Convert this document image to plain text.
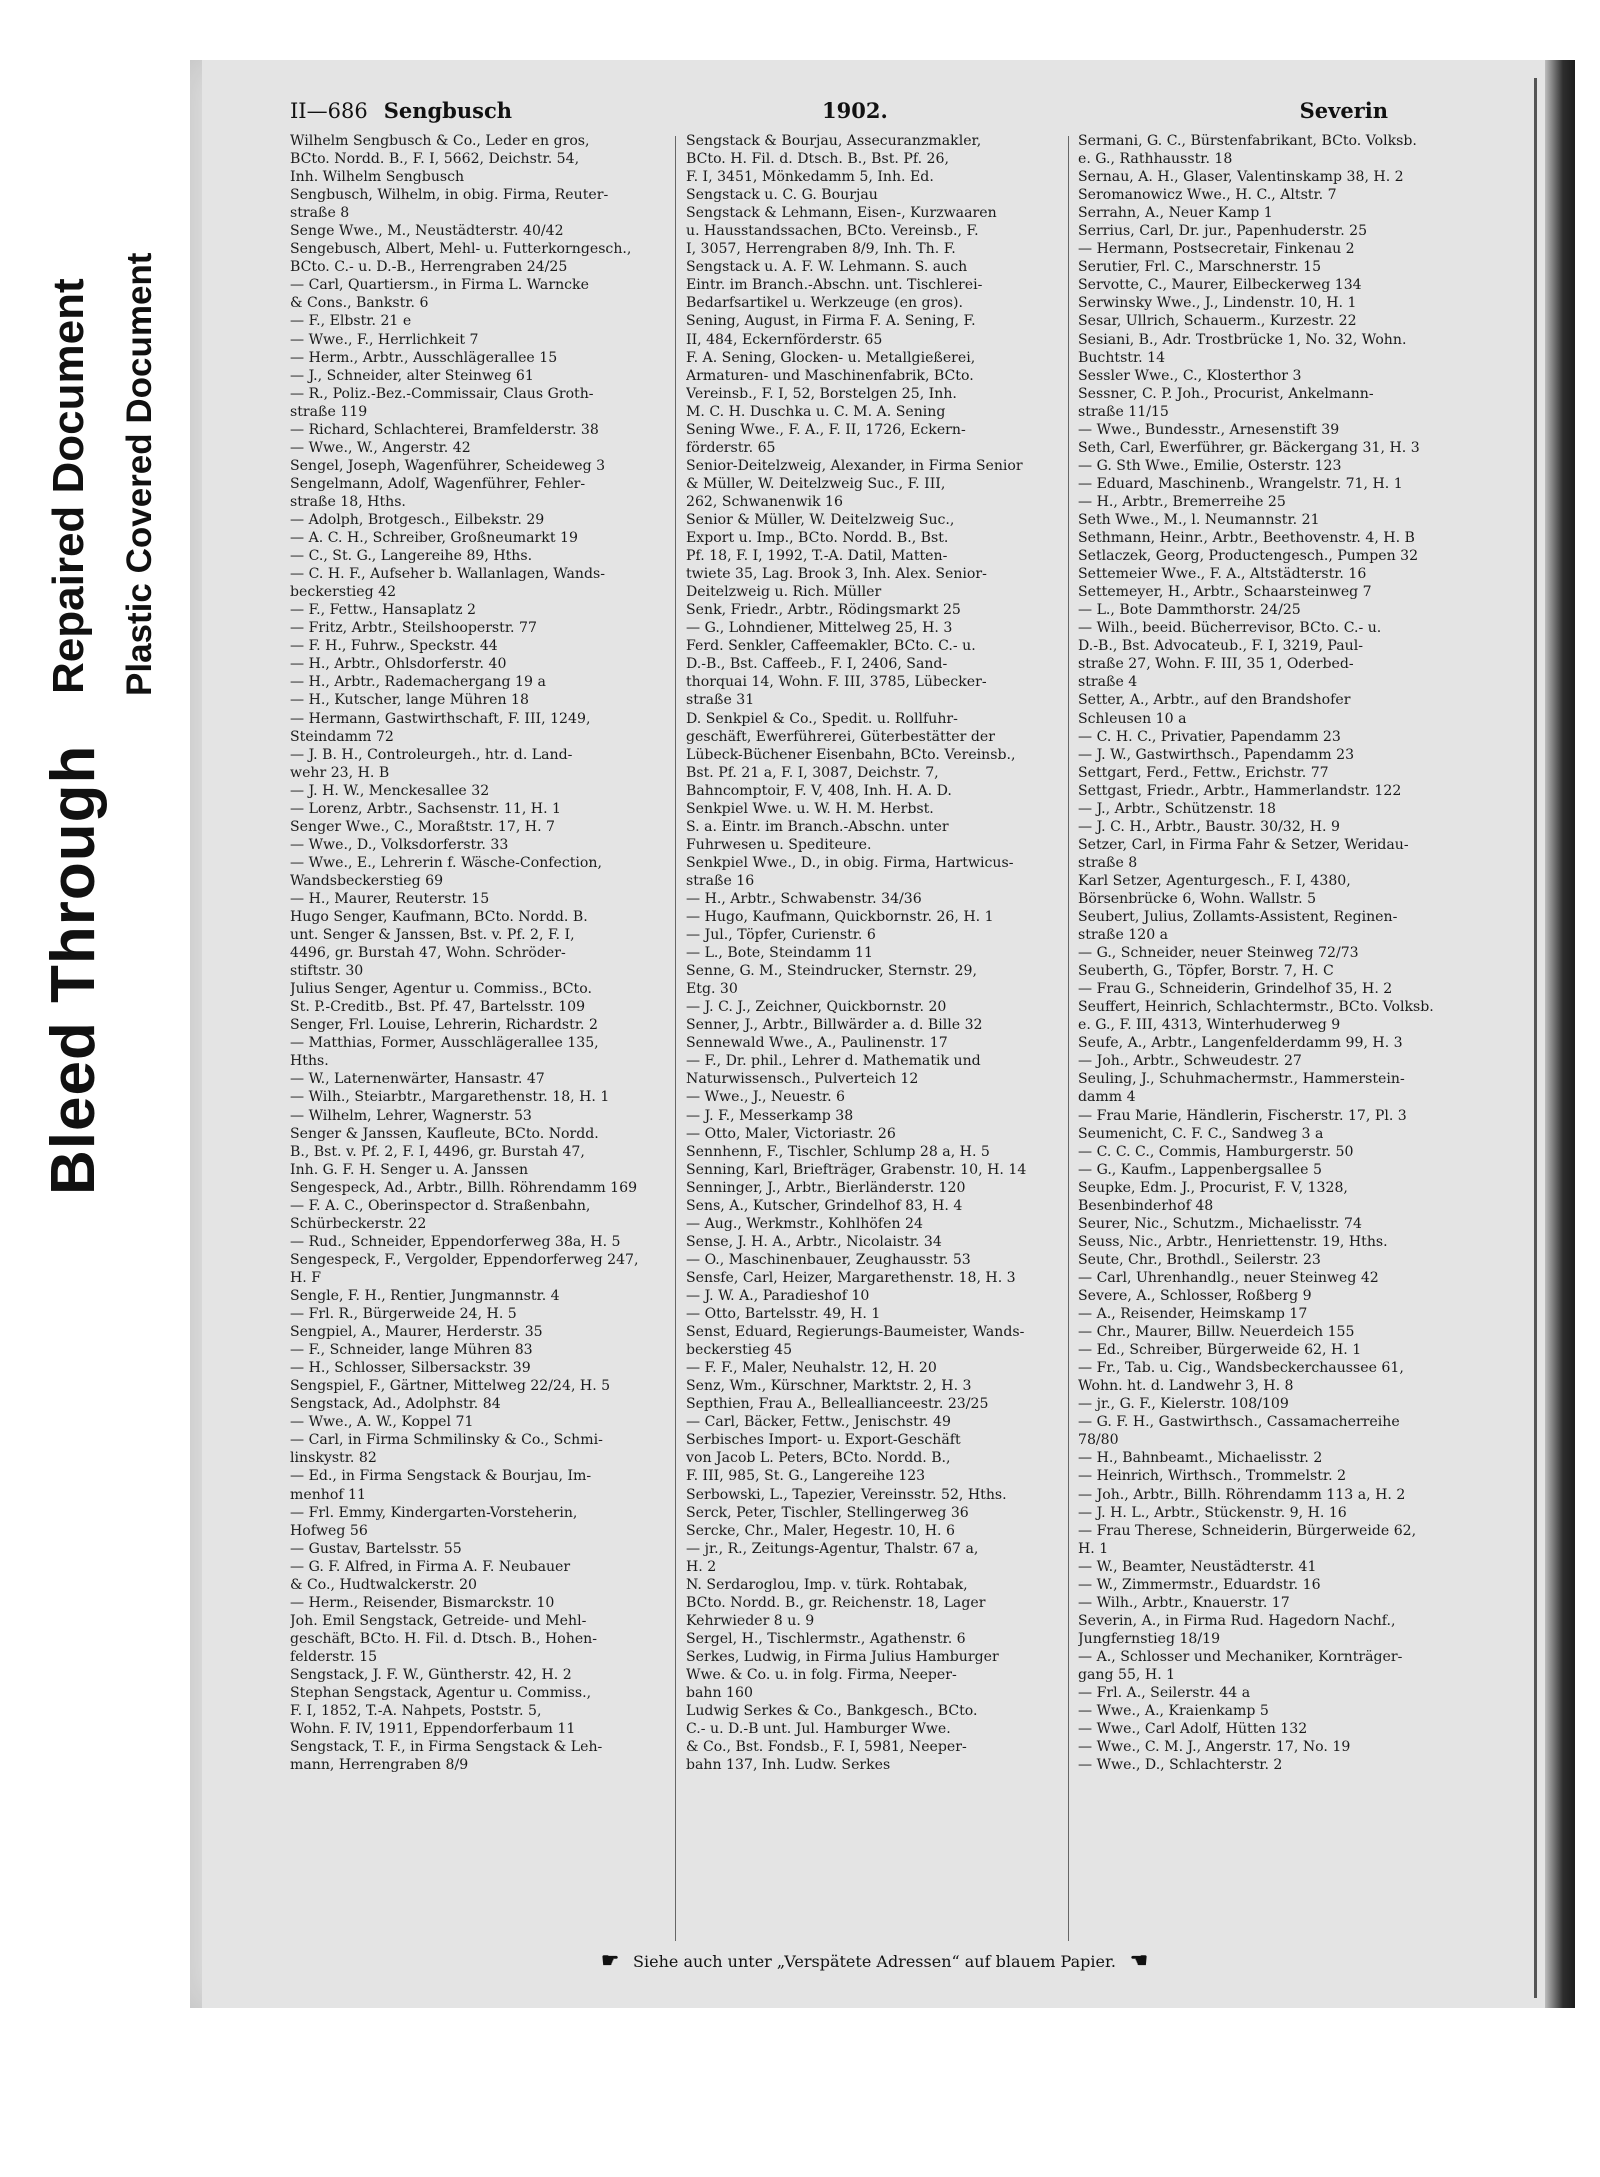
Bleed Through
Repaired Document Plastic Covered Document
II—686 Sengbusch	1902.	Severin
Wilhelm Sengbusch & Co., Leder en gros,
BCto. Nordd. B., F. I, 5662, Deichstr. 54,
Inh. Wilhelm Sengbusch
Sengbusch, Wilhelm, in obig. Firma, Reuter-
straße 8
Senge Wwe., M., Neustädterstr. 40/42
Sengebusch, Albert, Mehl- u. Futterkorngesch.,
BCto. C.- u. D.-B., Herrengraben 24/25
— Carl, Quartiersm., in Firma L. Warncke
& Cons., Bankstr. 6
— F., Elbstr. 21 e
— Wwe., F., Herrlichkeit 7
— Herm., Arbtr., Ausschlägerallee 15
— J., Schneider, alter Steinweg 61
— R., Poliz.-Bez.-Commissair, Claus Groth-
straße 119
— Richard, Schlachterei, Bramfelderstr. 38
— Wwe., W., Angerstr. 42
Sengel, Joseph, Wagenführer, Scheideweg 3
Sengelmann, Adolf, Wagenführer, Fehler-
straße 18, Hths.
— Adolph, Brotgesch., Eilbekstr. 29
— A. C. H., Schreiber, Großneumarkt 19
— C., St. G., Langereihe 89, Hths.
— C. H. F., Aufseher b. Wallanlagen, Wands-
beckerstieg 42
— F., Fettw., Hansaplatz 2
— Fritz, Arbtr., Steilshooperstr. 77
— F. H., Fuhrw., Speckstr. 44
— H., Arbtr., Ohlsdorferstr. 40
— H., Arbtr., Rademachergang 19 a
— H., Kutscher, lange Mühren 18
— Hermann, Gastwirthschaft, F. III, 1249,
Steindamm 72
— J. B. H., Controleurgeh., htr. d. Land-
wehr 23, H. B
— J. H. W., Menckesallee 32
— Lorenz, Arbtr., Sachsenstr. 11, H. 1
Senger Wwe., C., Moraßtstr. 17, H. 7
— Wwe., D., Volksdorferstr. 33
— Wwe., E., Lehrerin f. Wäsche-Confection,
Wandsbeckerstieg 69
— H., Maurer, Reuterstr. 15
Hugo Senger, Kaufmann, BCto. Nordd. B.
unt. Senger & Janssen, Bst. v. Pf. 2, F. I,
4496, gr. Burstah 47, Wohn. Schröder-
stiftstr. 30
Julius Senger, Agentur u. Commiss., BCto.
St. P.-Creditb., Bst. Pf. 47, Bartelsstr. 109
Senger, Frl. Louise, Lehrerin, Richardstr. 2
— Matthias, Former, Ausschlägerallee 135,
Hths.
— W., Laternenwärter, Hansastr. 47
— Wilh., Steiarbtr., Margarethenstr. 18, H. 1
— Wilhelm, Lehrer, Wagnerstr. 53
Senger & Janssen, Kaufleute, BCto. Nordd.
B., Bst. v. Pf. 2, F. I, 4496, gr. Burstah 47,
Inh. G. F. H. Senger u. A. Janssen
Sengespeck, Ad., Arbtr., Billh. Röhrendamm 169
— F. A. C., Oberinspector d. Straßenbahn,
Schürbeckerstr. 22
— Rud., Schneider, Eppendorferweg 38a, H. 5
Sengespeck, F., Vergolder, Eppendorferweg 247,
H. F
Sengle, F. H., Rentier, Jungmannstr. 4
— Frl. R., Bürgerweide 24, H. 5
Sengpiel, A., Maurer, Herderstr. 35
— F., Schneider, lange Mühren 83
— H., Schlosser, Silbersackstr. 39
Sengspiel, F., Gärtner, Mittelweg 22/24, H. 5
Sengstack, Ad., Adolphstr. 84
— Wwe., A. W., Koppel 71
— Carl, in Firma Schmilinsky & Co., Schmi-
linskystr. 82
— Ed., in Firma Sengstack & Bourjau, Im-
menhof 11
— Frl. Emmy, Kindergarten-Vorsteherin,
Hofweg 56
— Gustav, Bartelsstr. 55
— G. F. Alfred, in Firma A. F. Neubauer
& Co., Hudtwalckerstr. 20
— Herm., Reisender, Bismarckstr. 10
Joh. Emil Sengstack, Getreide- und Mehl-
geschäft, BCto. H. Fil. d. Dtsch. B., Hohen-
felderstr. 15
Sengstack, J. F. W., Güntherstr. 42, H. 2
Stephan Sengstack, Agentur u. Commiss.,
F. I, 1852, T.-A. Nahpets, Poststr. 5,
Wohn. F. IV, 1911, Eppendorferbaum 11
Sengstack, T. F., in Firma Sengstack & Leh-
mann, Herrengraben 8/9
Sengstack & Bourjau, Assecuranzmakler,
BCto. H. Fil. d. Dtsch. B., Bst. Pf. 26,
F. I, 3451, Mönkedamm 5, Inh. Ed.
Sengstack u. C. G. Bourjau
Sengstack & Lehmann, Eisen-, Kurzwaaren
u. Hausstandssachen, BCto. Vereinsb., F.
I, 3057, Herrengraben 8/9, Inh. Th. F.
Sengstack u. A. F. W. Lehmann. S. auch
Eintr. im Branch.-Abschn. unt. Tischlerei-
Bedarfsartikel u. Werkzeuge (en gros).
Sening, August, in Firma F. A. Sening, F.
II, 484, Eckernförderstr. 65
F. A. Sening, Glocken- u. Metallgießerei,
Armaturen- und Maschinenfabrik, BCto.
Vereinsb., F. I, 52, Borstelgen 25, Inh.
M. C. H. Duschka u. C. M. A. Sening
Sening Wwe., F. A., F. II, 1726, Eckern-
förderstr. 65
Senior-Deitelzweig, Alexander, in Firma Senior
& Müller, W. Deitelzweig Suc., F. III,
262, Schwanenwik 16
Senior & Müller, W. Deitelzweig Suc.,
Export u. Imp., BCto. Nordd. B., Bst.
Pf. 18, F. I, 1992, T.-A. Datil, Matten-
twiete 35, Lag. Brook 3, Inh. Alex. Senior-
Deitelzweig u. Rich. Müller
Senk, Friedr., Arbtr., Rödingsmarkt 25
— G., Lohndiener, Mittelweg 25, H. 3
Ferd. Senkler, Caffeemakler, BCto. C.- u.
D.-B., Bst. Caffeeb., F. I, 2406, Sand-
thorquai 14, Wohn. F. III, 3785, Lübecker-
straße 31
D. Senkpiel & Co., Spedit. u. Rollfuhr-
geschäft, Ewerführerei, Güterbestätter der
Lübeck-Büchener Eisenbahn, BCto. Vereinsb.,
Bst. Pf. 21 a, F. I, 3087, Deichstr. 7,
Bahncomptoir, F. V, 408, Inh. H. A. D.
Senkpiel Wwe. u. W. H. M. Herbst.
S. a. Eintr. im Branch.-Abschn. unter
Fuhrwesen u. Spediteure.
Senkpiel Wwe., D., in obig. Firma, Hartwicus-
straße 16
— H., Arbtr., Schwabenstr. 34/36
— Hugo, Kaufmann, Quickbornstr. 26, H. 1
— Jul., Töpfer, Curienstr. 6
— L., Bote, Steindamm 11
Senne, G. M., Steindrucker, Sternstr. 29,
Etg. 30
— J. C. J., Zeichner, Quickbornstr. 20
Senner, J., Arbtr., Billwärder a. d. Bille 32
Sennewald Wwe., A., Paulinenstr. 17
— F., Dr. phil., Lehrer d. Mathematik und
Naturwissensch., Pulverteich 12
— Wwe., J., Neuestr. 6
— J. F., Messerkamp 38
— Otto, Maler, Victoriastr. 26
Sennhenn, F., Tischler, Schlump 28 a, H. 5
Senning, Karl, Briefträger, Grabenstr. 10, H. 14
Senninger, J., Arbtr., Bierländerstr. 120
Sens, A., Kutscher, Grindelhof 83, H. 4
— Aug., Werkmstr., Kohlhöfen 24
Sense, J. H. A., Arbtr., Nicolaistr. 34
— O., Maschinenbauer, Zeughausstr. 53
Sensfe, Carl, Heizer, Margarethenstr. 18, H. 3
— J. W. A., Paradieshof 10
— Otto, Bartelsstr. 49, H. 1
Senst, Eduard, Regierungs-Baumeister, Wands-
beckerstieg 45
— F. F., Maler, Neuhalstr. 12, H. 20
Senz, Wm., Kürschner, Marktstr. 2, H. 3
Septhien, Frau A., Belleallianceestr. 23/25
— Carl, Bäcker, Fettw., Jenischstr. 49
Serbisches Import- u. Export-Geschäft
von Jacob L. Peters, BCto. Nordd. B.,
F. III, 985, St. G., Langereihe 123
Serbowski, L., Tapezier, Vereinsstr. 52, Hths.
Serck, Peter, Tischler, Stellingerweg 36
Sercke, Chr., Maler, Hegestr. 10, H. 6
— jr., R., Zeitungs-Agentur, Thalstr. 67 a,
H. 2
N. Serdaroglou, Imp. v. türk. Rohtabak,
BCto. Nordd. B., gr. Reichenstr. 18, Lager
Kehrwieder 8 u. 9
Sergel, H., Tischlermstr., Agathenstr. 6
Serkes, Ludwig, in Firma Julius Hamburger
Wwe. & Co. u. in folg. Firma, Neeper-
bahn 160
Ludwig Serkes & Co., Bankgesch., BCto.
C.- u. D.-B unt. Jul. Hamburger Wwe.
& Co., Bst. Fondsb., F. I, 5981, Neeper-
bahn 137, Inh. Ludw. Serkes
Sermani, G. C., Bürstenfabrikant, BCto. Volksb.
e. G., Rathhausstr. 18
Sernau, A. H., Glaser, Valentinskamp 38, H. 2
Seromanowicz Wwe., H. C., Altstr. 7
Serrahn, A., Neuer Kamp 1
Serrius, Carl, Dr. jur., Papenhuderstr. 25
— Hermann, Postsecretair, Finkenau 2
Serutier, Frl. C., Marschnerstr. 15
Servotte, C., Maurer, Eilbeckerweg 134
Serwinsky Wwe., J., Lindenstr. 10, H. 1
Sesar, Ullrich, Schauerm., Kurzestr. 22
Sesiani, B., Adr. Trostbrücke 1, No. 32, Wohn.
Buchtstr. 14
Sessler Wwe., C., Klosterthor 3
Sessner, C. P. Joh., Procurist, Ankelmann-
straße 11/15
— Wwe., Bundesstr., Arnesenstift 39
Seth, Carl, Ewerführer, gr. Bäckergang 31, H. 3
— G. Sth Wwe., Emilie, Osterstr. 123
— Eduard, Maschinenb., Wrangelstr. 71, H. 1
— H., Arbtr., Bremerreihe 25
Seth Wwe., M., l. Neumannstr. 21
Sethmann, Heinr., Arbtr., Beethovenstr. 4, H. B
Setlaczek, Georg, Productengesch., Pumpen 32
Settemeier Wwe., F. A., Altstädterstr. 16
Settemeyer, H., Arbtr., Schaarsteinweg 7
— L., Bote Dammthorstr. 24/25
— Wilh., beeid. Bücherrevisor, BCto. C.- u.
D.-B., Bst. Advocateub., F. I, 3219, Paul-
straße 27, Wohn. F. III, 35 1, Oderbed-
straße 4
Setter, A., Arbtr., auf den Brandshofer
Schleusen 10 a
— C. H. C., Privatier, Papendamm 23
— J. W., Gastwirthsch., Papendamm 23
Settgart, Ferd., Fettw., Erichstr. 77
Settgast, Friedr., Arbtr., Hammerlandstr. 122
— J., Arbtr., Schützenstr. 18
— J. C. H., Arbtr., Baustr. 30/32, H. 9
Setzer, Carl, in Firma Fahr & Setzer, Weridau-
straße 8
Karl Setzer, Agenturgesch., F. I, 4380,
Börsenbrücke 6, Wohn. Wallstr. 5
Seubert, Julius, Zollamts-Assistent, Reginen-
straße 120 a
— G., Schneider, neuer Steinweg 72/73
Seuberth, G., Töpfer, Borstr. 7, H. C
— Frau G., Schneiderin, Grindelhof 35, H. 2
Seuffert, Heinrich, Schlachtermstr., BCto. Volksb.
e. G., F. III, 4313, Winterhuderweg 9
Seufe, A., Arbtr., Langenfelderdamm 99, H. 3
— Joh., Arbtr., Schweudestr. 27
Seuling, J., Schuhmachermstr., Hammerstein-
damm 4
— Frau Marie, Händlerin, Fischerstr. 17, Pl. 3
Seumenicht, C. F. C., Sandweg 3 a
— C. C. C., Commis, Hamburgerstr. 50
— G., Kaufm., Lappenbergsallee 5
Seupke, Edm. J., Procurist, F. V, 1328,
Besenbinderhof 48
Seurer, Nic., Schutzm., Michaelisstr. 74
Seuss, Nic., Arbtr., Henriettenstr. 19, Hths.
Seute, Chr., Brothdl., Seilerstr. 23
— Carl, Uhrenhandlg., neuer Steinweg 42
Severe, A., Schlosser, Roßberg 9
— A., Reisender, Heimskamp 17
— Chr., Maurer, Billw. Neuerdeich 155
— Ed., Schreiber, Bürgerweide 62, H. 1
— Fr., Tab. u. Cig., Wandsbeckerchaussee 61,
Wohn. ht. d. Landwehr 3, H. 8
— jr., G. F., Kielerstr. 108/109
— G. F. H., Gastwirthsch., Cassamacherreihe
78/80
— H., Bahnbeamt., Michaelisstr. 2
— Heinrich, Wirthsch., Trommelstr. 2
— Joh., Arbtr., Billh. Röhrendamm 113 a, H. 2
— J. H. L., Arbtr., Stückenstr. 9, H. 16
— Frau Therese, Schneiderin, Bürgerweide 62,
H. 1
— W., Beamter, Neustädterstr. 41
— W., Zimmermstr., Eduardstr. 16
— Wilh., Arbtr., Knauerstr. 17
Severin, A., in Firma Rud. Hagedorn Nachf.,
Jungfernstieg 18/19
— A., Schlosser und Mechaniker, Kornträger-
gang 55, H. 1
— Frl. A., Seilerstr. 44 a
— Wwe., A., Kraienkamp 5
— Wwe., Carl Adolf, Hütten 132
— Wwe., C. M. J., Angerstr. 17, No. 19
— Wwe., D., Schlachterstr. 2
☛ Siehe auch unter „Verspätete Adressen“ auf blauem Papier. ☚
